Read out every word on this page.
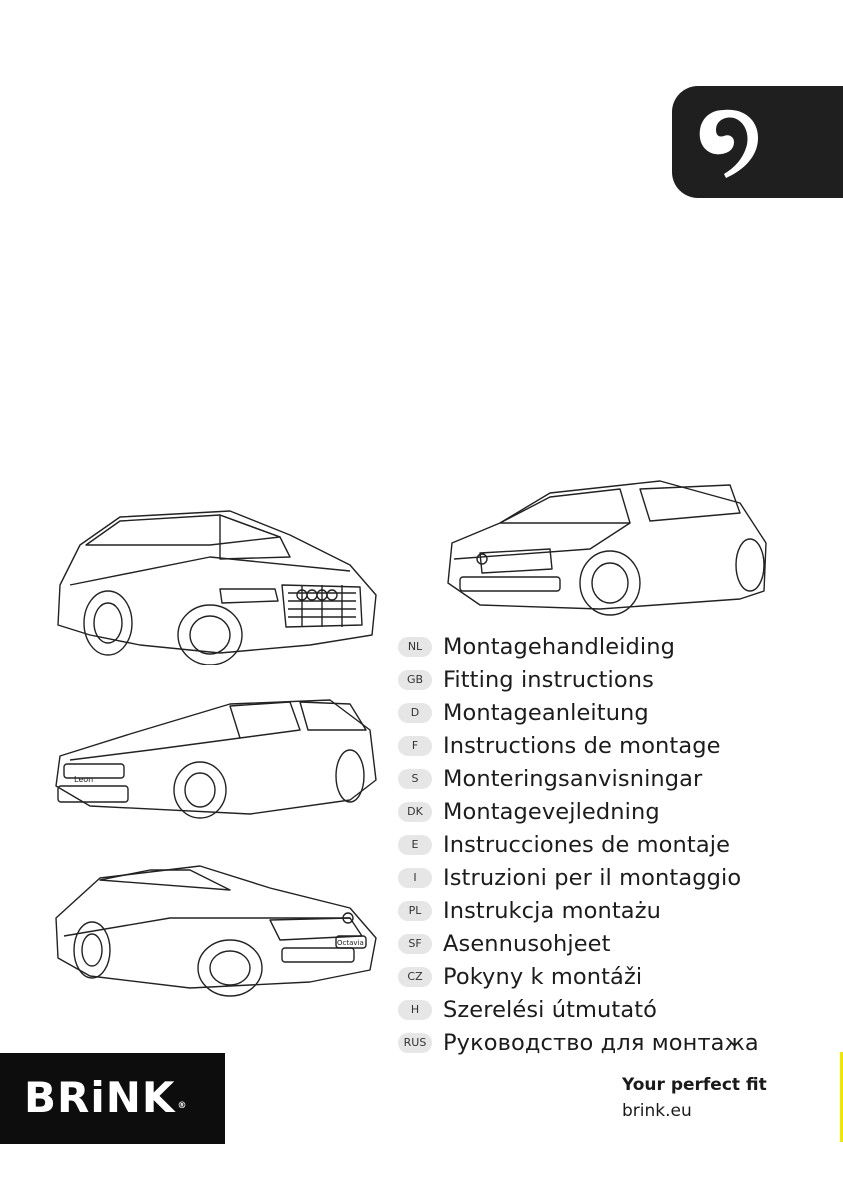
Leon
Octavia
NL Montagehandleiding
GB Fitting instructions
D	Montageanleitung
F	Instructions de montage
S	Monteringsanvisningar
DK Montagevejledning
E	Instrucciones de montaje
I	Istruzioni per il montaggio
PL Instrukcja montażu
SF Asennusohjeet
CZ Pokyny k montáži
H	Szerelési útmutató
RUS Руководство для монтажа
BRiNK ®
Your perfect fit
brink.eu
